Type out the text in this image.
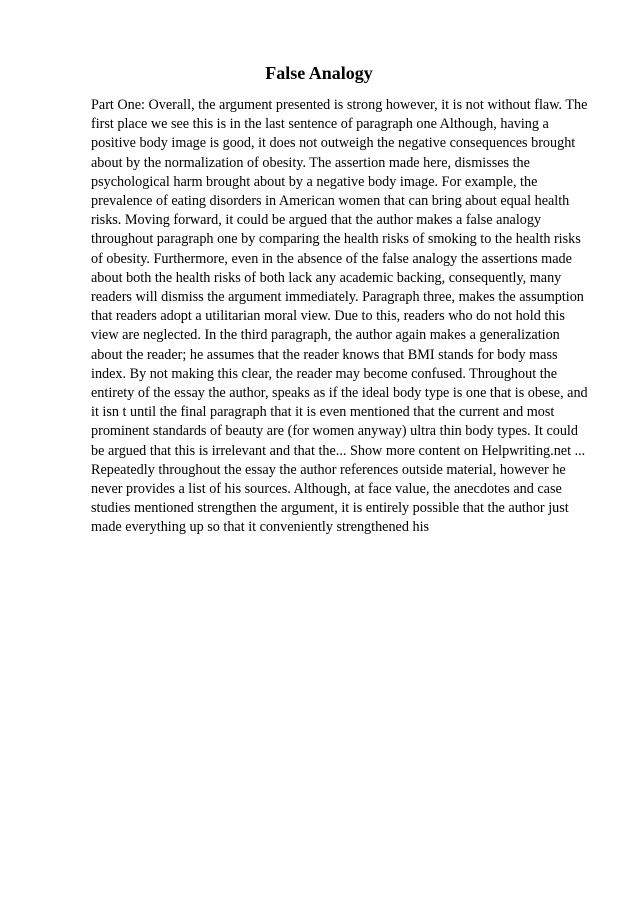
False Analogy

Part One: Overall, the argument presented is strong however, it is not without flaw. The first place we see this is in the last sentence of paragraph one Although, having a positive body image is good, it does not outweigh the negative consequences brought about by the normalization of obesity. The assertion made here, dismisses the psychological harm brought about by a negative body image. For example, the prevalence of eating disorders in American women that can bring about equal health risks. Moving forward, it could be argued that the author makes a false analogy throughout paragraph one by comparing the health risks of smoking to the health risks of obesity. Furthermore, even in the absence of the false analogy the assertions made about both the health risks of both lack any academic backing, consequently, many readers will dismiss the argument immediately. Paragraph three, makes the assumption that readers adopt a utilitarian moral view. Due to this, readers who do not hold this view are neglected. In the third paragraph, the author again makes a generalization about the reader; he assumes that the reader knows that BMI stands for body mass index. By not making this clear, the reader may become confused. Throughout the entirety of the essay the author, speaks as if the ideal body type is one that is obese, and it isn t until the final paragraph that it is even mentioned that the current and most prominent standards of beauty are (for women anyway) ultra thin body types. It could be argued that this is irrelevant and that the... Show more content on Helpwriting.net ...

Repeatedly throughout the essay the author references outside material, however he never provides a list of his sources. Although, at face value, the anecdotes and case studies mentioned strengthen the argument, it is entirely possible that the author just made everything up so that it conveniently strengthened his
